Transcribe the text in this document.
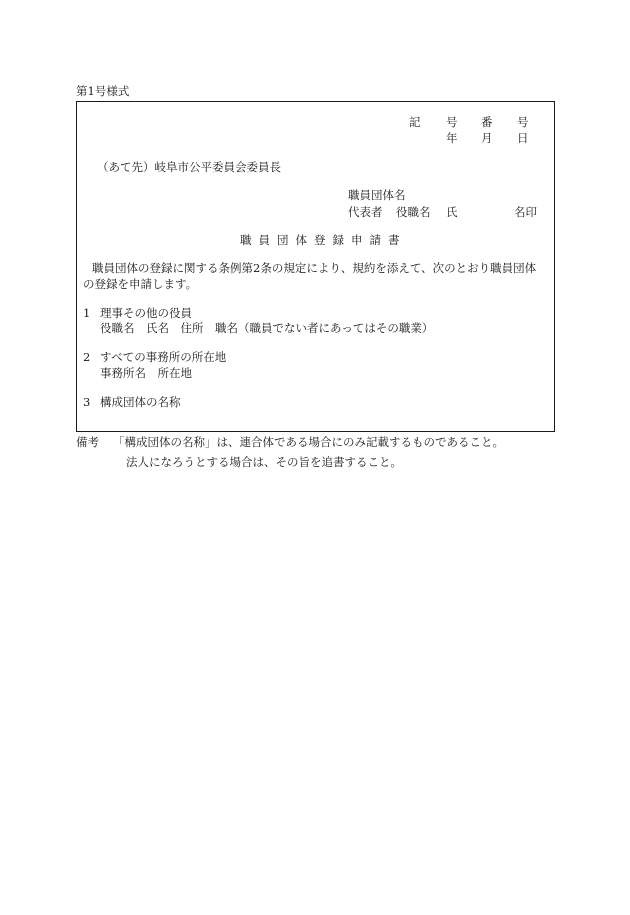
第1号様式
記 号 番 号
年 月 日
（あて先）岐阜市公平委員会委員長
職員団体名
代表者 役職名 氏	名印
職員団体登録申請書
職員団体の登録に関する条例第2条の規定により、規約を添えて、次のとおり職員団体
の登録を申請します。
1 理事その他の役員
役職名　氏名　住所　職名（職員でない者にあってはその職業）
2 すべての事務所の所在地
事務所名　所在地
3 構成団体の名称
備考 「構成団体の名称」は、連合体である場合にのみ記載するものであること。
法人になろうとする場合は、その旨を追書すること。
